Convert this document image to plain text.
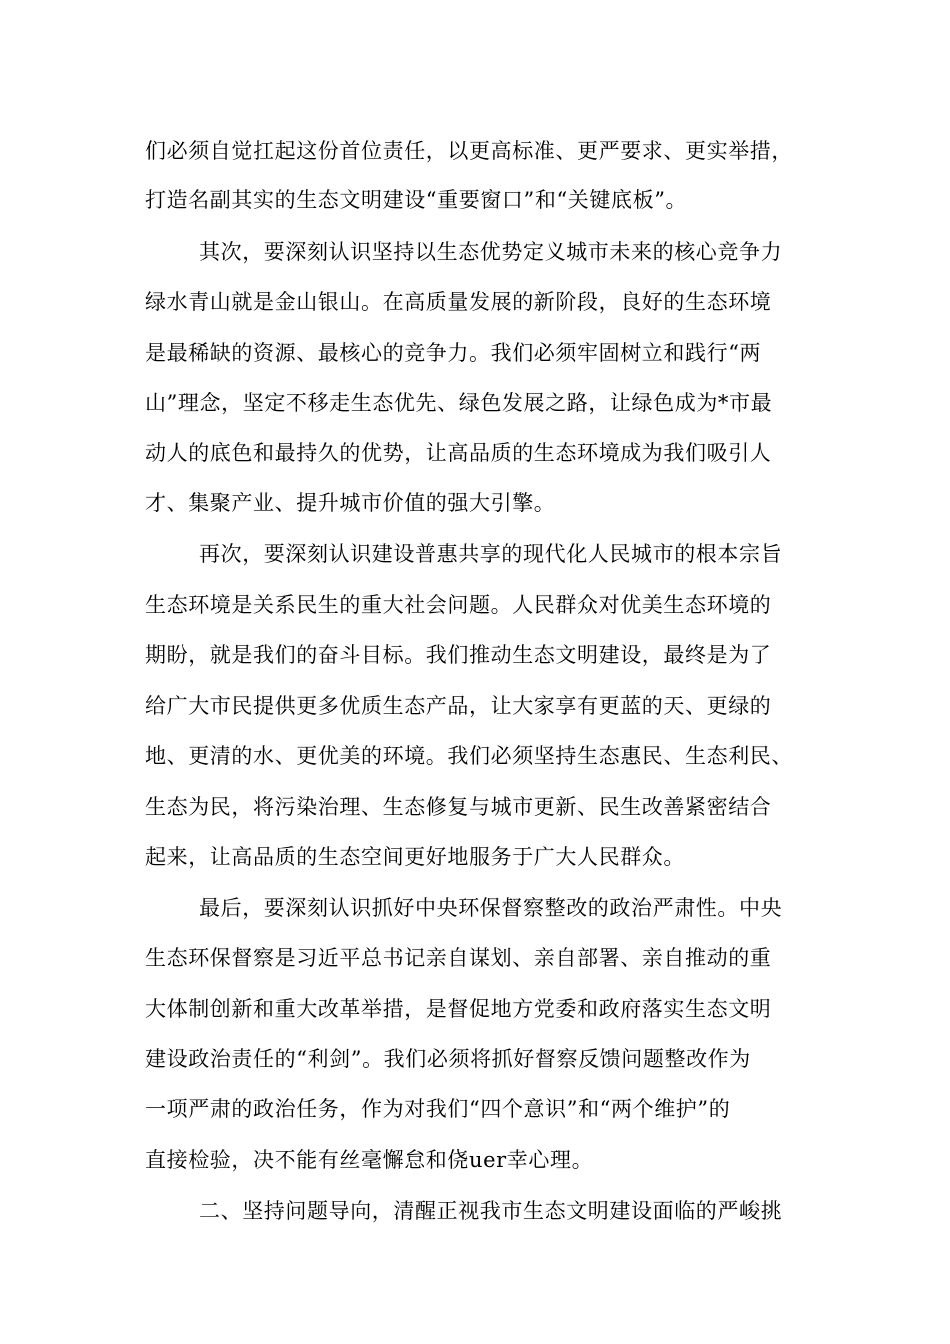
们必须自觉扛起这份首位责任，以更高标准、更严要求、更实举措，
打造名副其实的生态文明建设“重要窗口”和“关键底板”。
其次，要深刻认识坚持以生态优势定义城市未来的核心竞争力
绿水青山就是金山银山。在高质量发展的新阶段，良好的生态环境
是最稀缺的资源、最核心的竞争力。我们必须牢固树立和践行“两
山”理念，坚定不移走生态优先、绿色发展之路，让绿色成为*市最
动人的底色和最持久的优势，让高品质的生态环境成为我们吸引人
才、集聚产业、提升城市价值的强大引擎。
再次，要深刻认识建设普惠共享的现代化人民城市的根本宗旨
生态环境是关系民生的重大社会问题。人民群众对优美生态环境的
期盼，就是我们的奋斗目标。我们推动生态文明建设，最终是为了
给广大市民提供更多优质生态产品，让大家享有更蓝的天、更绿的
地、更清的水、更优美的环境。我们必须坚持生态惠民、生态利民、
生态为民，将污染治理、生态修复与城市更新、民生改善紧密结合
起来，让高品质的生态空间更好地服务于广大人民群众。
最后，要深刻认识抓好中央环保督察整改的政治严肃性。中央
生态环保督察是习近平总书记亲自谋划、亲自部署、亲自推动的重
大体制创新和重大改革举措，是督促地方党委和政府落实生态文明
建设政治责任的“利剑”。我们必须将抓好督察反馈问题整改作为
一项严肃的政治任务，作为对我们“四个意识”和“两个维护”的
直接检验，决不能有丝毫懈怠和侥uer幸心理。
二、坚持问题导向，清醒正视我市生态文明建设面临的严峻挑
